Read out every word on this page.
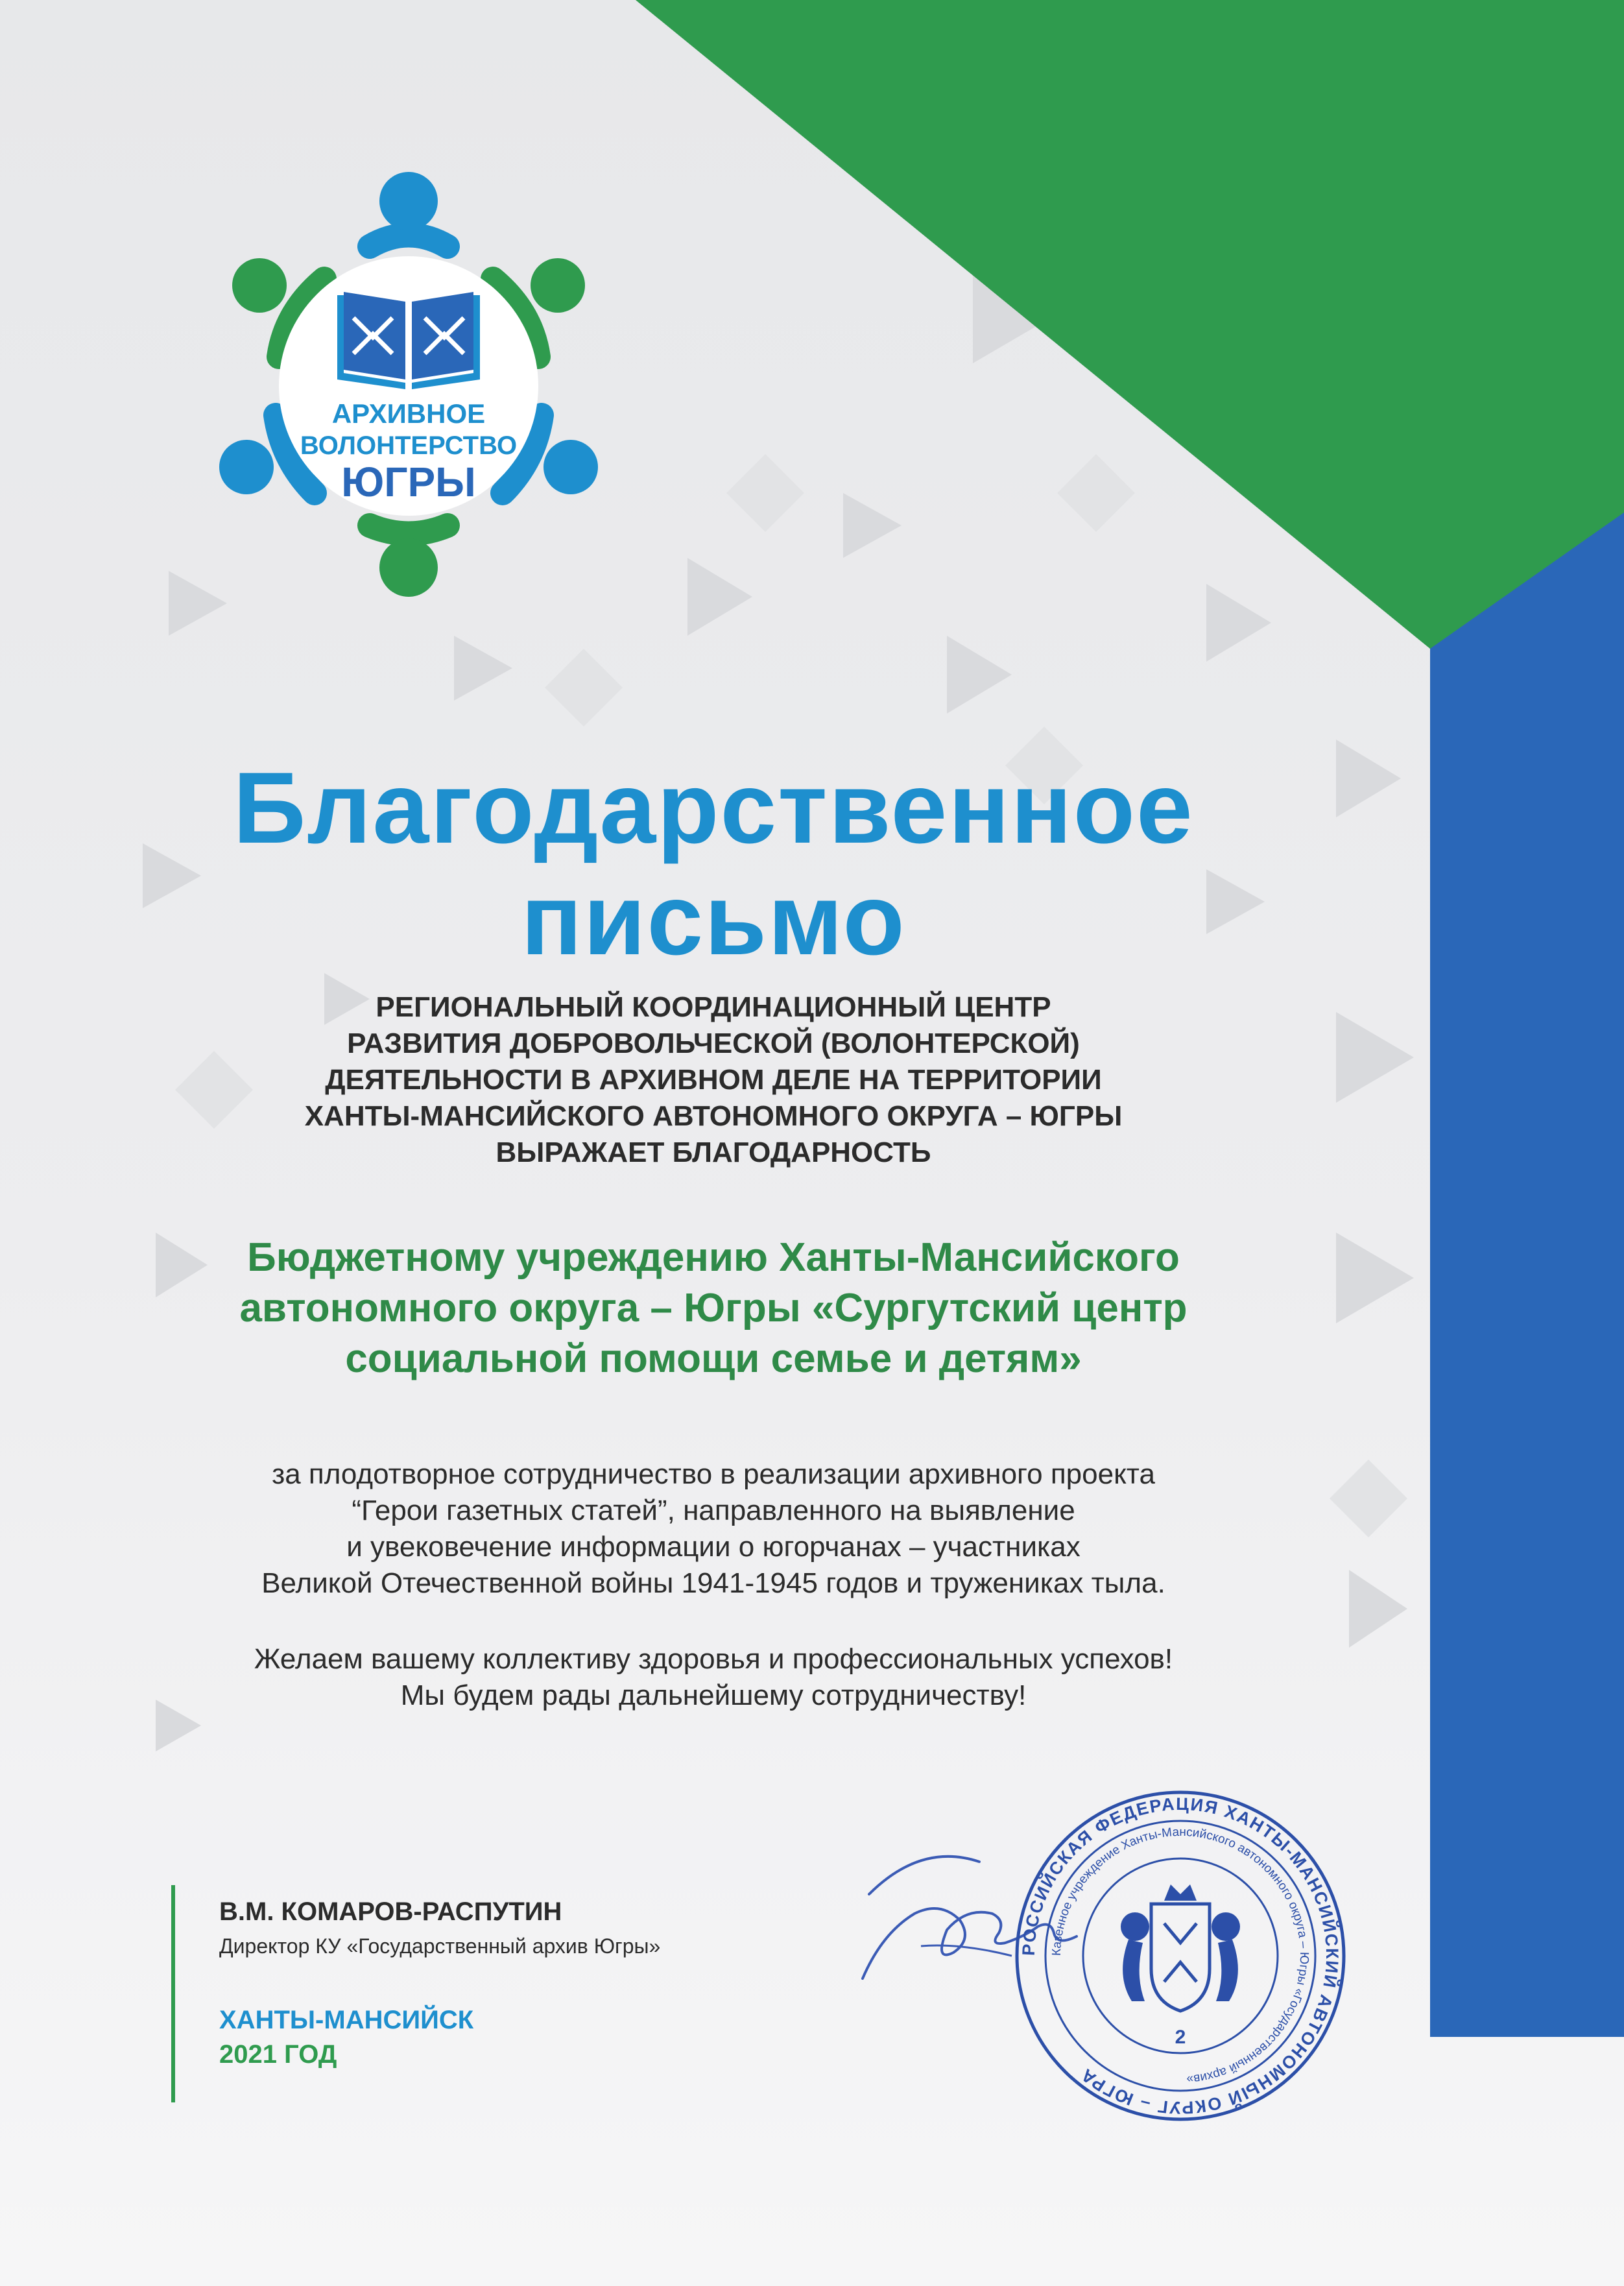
АРХИВНОЕ
ВОЛОНТЕРСТВО
ЮГРЫ
Благодарственное
письмо
РЕГИОНАЛЬНЫЙ КООРДИНАЦИОННЫЙ ЦЕНТР
РАЗВИТИЯ ДОБРОВОЛЬЧЕСКОЙ (ВОЛОНТЕРСКОЙ)
ДЕЯТЕЛЬНОСТИ В АРХИВНОМ ДЕЛЕ НА ТЕРРИТОРИИ
ХАНТЫ-МАНСИЙСКОГО АВТОНОМНОГО ОКРУГА – ЮГРЫ
ВЫРАЖАЕТ БЛАГОДАРНОСТЬ
Бюджетному учреждению Ханты-Мансийского
автономного округа – Югры «Сургутский центр
социальной помощи семье и детям»
за плодотворное сотрудничество в реализации архивного проекта
“Герои газетных статей”, направленного на выявление
и увековечение информации о югорчанах – участниках
Великой Отечественной войны 1941-1945 годов и тружениках тыла.
Желаем вашему коллективу здоровья и профессиональных успехов!
Мы будем рады дальнейшему сотрудничеству!
В.М. КОМАРОВ-РАСПУТИН
Директор КУ «Государственный архив Югры»
ХАНТЫ-МАНСИЙСК
2021 ГОД
РОССИЙСКАЯ ФЕДЕРАЦИЯ ХАНТЫ-МАНСИЙСКИЙ АВТОНОМНЫЙ ОКРУГ – ЮГРА
Казенное учреждение Ханты-Мансийского автономного округа – Югры «Государственный архив»
2
